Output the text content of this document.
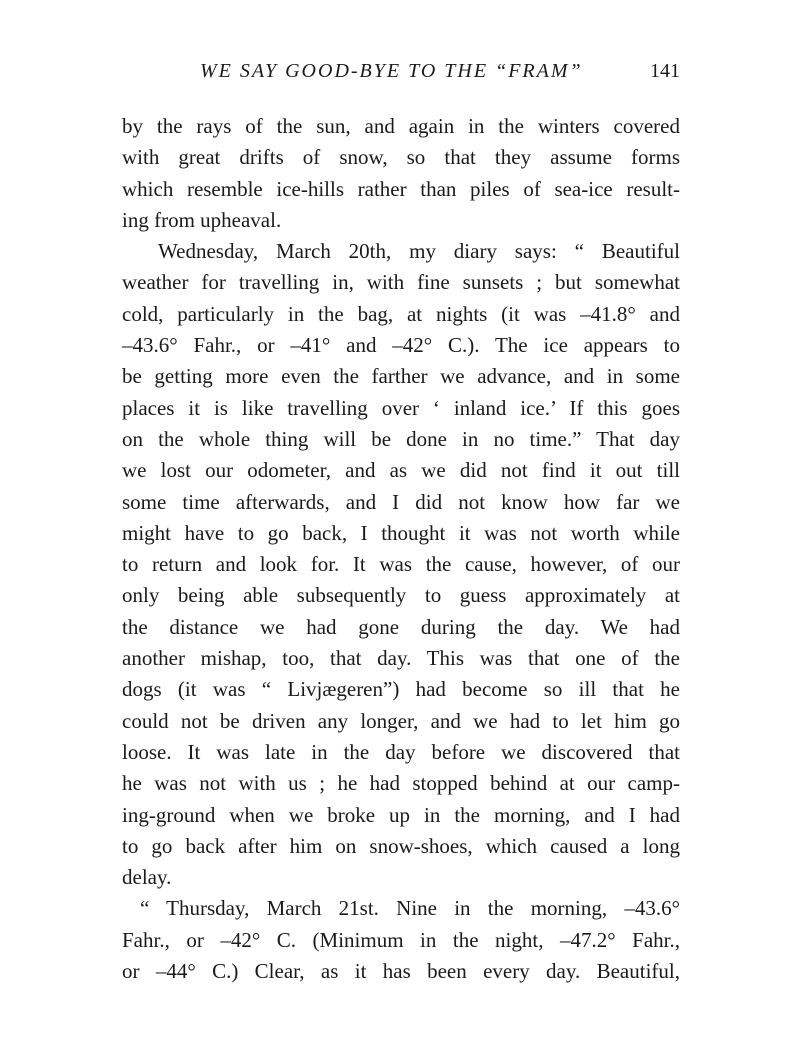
WE SAY GOOD-BYE TO THE “FRAM”	141
by the rays of the sun, and again in the winters covered
with great drifts of snow, so that they assume forms
which resemble ice-hills rather than piles of sea-ice result-
ing from upheaval.
Wednesday, March 20th, my diary says: “ Beautiful
weather for travelling in, with fine sunsets ; but somewhat
cold, particularly in the bag, at nights (it was –41.8° and
–43.6° Fahr., or –41° and –42° C.). The ice appears to
be getting more even the farther we advance, and in some
places it is like travelling over ‘ inland ice.’ If this goes
on the whole thing will be done in no time.” That day
we lost our odometer, and as we did not find it out till
some time afterwards, and I did not know how far we
might have to go back, I thought it was not worth while
to return and look for. It was the cause, however, of our
only being able subsequently to guess approximately at
the distance we had gone during the day. We had
another mishap, too, that day. This was that one of the
dogs (it was “ Livjægeren”) had become so ill that he
could not be driven any longer, and we had to let him go
loose. It was late in the day before we discovered that
he was not with us ; he had stopped behind at our camp-
ing-ground when we broke up in the morning, and I had
to go back after him on snow-shoes, which caused a long
delay.
“ Thursday, March 21st. Nine in the morning, –43.6°
Fahr., or –42° C. (Minimum in the night, –47.2° Fahr.,
or –44° C.) Clear, as it has been every day. Beautiful,
